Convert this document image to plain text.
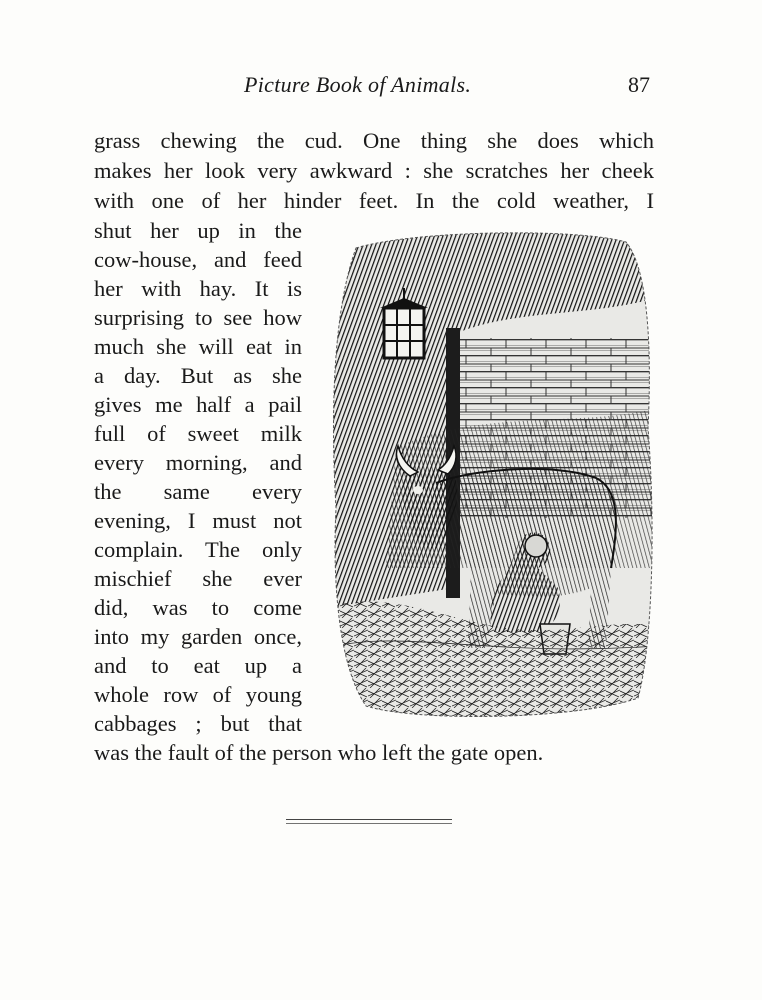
Picture Book of Animals.	87
grass chewing the cud. One thing she does which
makes her look very awkward : she scratches her cheek
with one of her hinder feet. In the cold weather, I
shut her up in the
cow-house, and feed
her with hay. It is
surprising to see how
much she will eat in
a day. But as she
gives me half a pail
full of sweet milk
every morning, and
the same every
evening, I must not
complain. The only
mischief she ever
did, was to come
into my garden once,
and to eat up a
whole row of young
cabbages ; but that
was the fault of the person who left the gate open.
